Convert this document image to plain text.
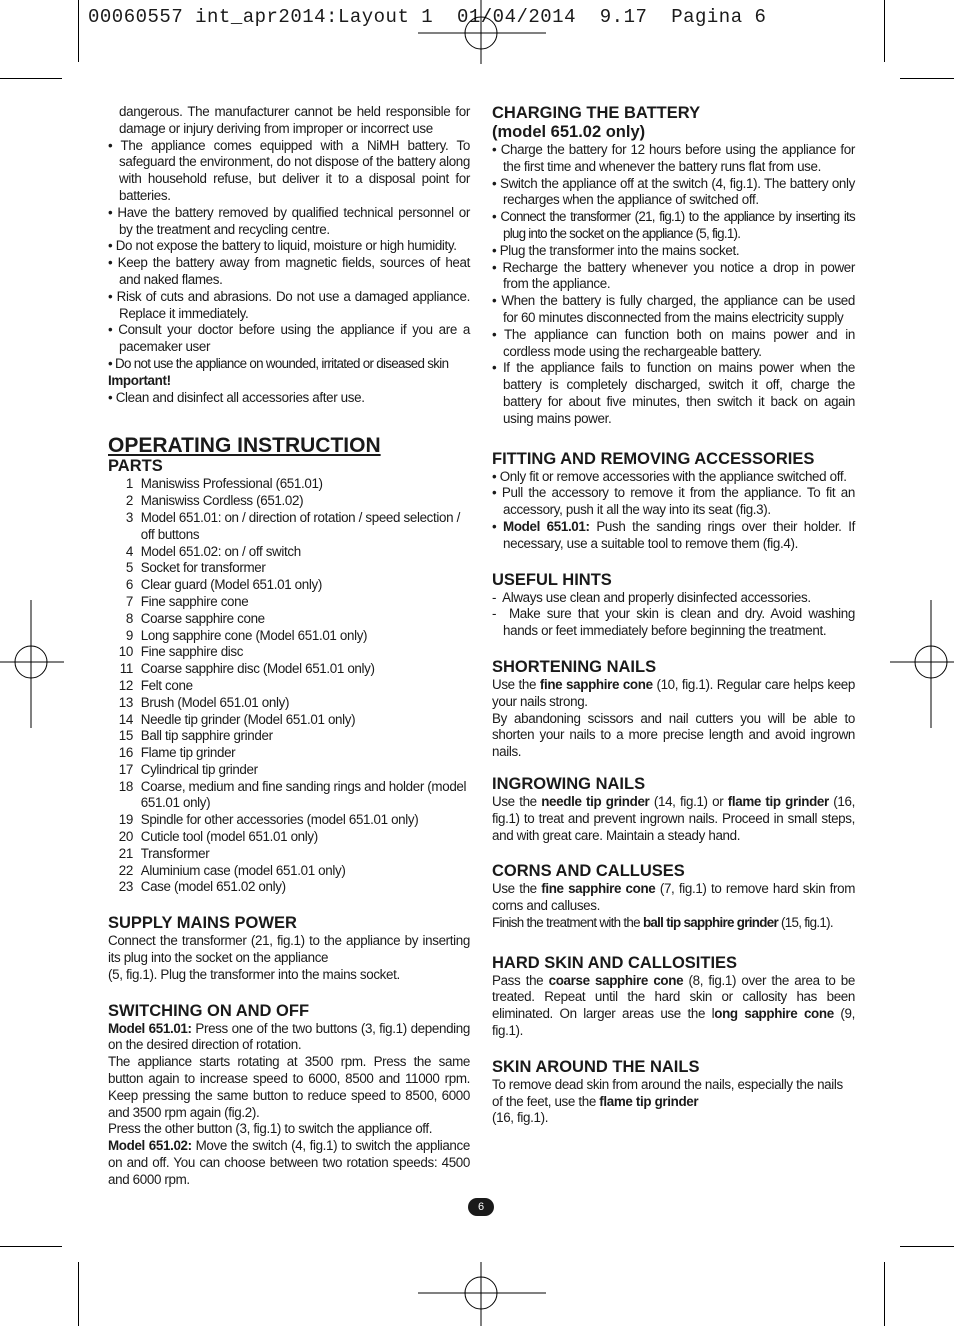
00060557 int_apr2014:Layout 1  01/04/2014  9.17  Pagina 6

dangerous. The manufacturer cannot be held responsible for damage or injury deriving from improper or incorrect use

• The appliance comes equipped with a NiMH battery. To safeguard the environment, do not dispose of the battery along with household refuse, but deliver it to a disposal point for batteries.

• Have the battery removed by qualified technical personnel or by the treatment and recycling centre.

• Do not expose the battery to liquid, moisture or high humidity.

• Keep the battery away from magnetic fields, sources of heat and naked flames.

• Risk of cuts and abrasions. Do not use a damaged appliance. Replace it immediately.

• Consult your doctor before using the appliance if you are a pacemaker user

• Do not use the appliance on wounded, irritated or diseased skin

Important!

• Clean and disinfect all accessories after use.

OPERATING INSTRUCTION
PARTS
1
Maniswiss Professional (651.01)
2
Maniswiss Cordless (651.02)
3
Model 651.01: on / direction of rotation / speed selection / off buttons
4
Model 651.02: on / off switch
5
Socket for transformer
6
Clear guard (Model 651.01 only)
7
Fine sapphire cone
8
Coarse sapphire cone
9
Long sapphire cone (Model 651.01 only)
10
Fine sapphire disc
11
Coarse sapphire disc (Model 651.01 only)
12
Felt cone
13
Brush (Model 651.01 only)
14
Needle tip grinder (Model 651.01 only)
15
Ball tip sapphire grinder
16
Flame tip grinder
17
Cylindrical tip grinder
18
Coarse, medium and fine sanding rings and holder (model 651.01 only)
19
Spindle for other accessories (model 651.01 only)
20
Cuticle tool (model 651.01 only)
21
Transformer
22
Aluminium case (model 651.01 only)
23
Case (model 651.02 only)
SUPPLY MAINS POWER

Connect the transformer (21, fig.1) to the appliance by inserting its plug into the socket on the appliance

(5, fig.1). Plug the transformer into the mains socket.

SWITCHING ON AND OFF

Model 651.01: Press one of the two buttons (3, fig.1) depending on the desired direction of rotation.

The appliance starts rotating at 3500 rpm. Press the same button again to increase speed to 6000, 8500 and 11000 rpm. Keep pressing the same button to reduce speed to 8500, 6000 and 3500 rpm again (fig.2).

Press the other button (3, fig.1) to switch the appliance off.

Model 651.02: Move the switch (4, fig.1) to switch the appliance on and off. You can choose between two rotation speeds: 4500 and 6000 rpm.

CHARGING THE BATTERY
(model 651.02 only)

• Charge the battery for 12 hours before using the appliance for the first time and whenever the battery runs flat from use.

• Switch the appliance off at the switch (4, fig.1). The battery only recharges when the appliance of switched off.

• Connect the transformer (21, fig.1) to the appliance by inserting its plug into the socket on the appliance (5, fig.1).

• Plug the transformer into the mains socket.

• Recharge the battery whenever you notice a drop in power from the appliance.

• When the battery is fully charged, the appliance can be used for 60 minutes disconnected from the mains electricity supply

• The appliance can function both on mains power and in cordless mode using the rechargeable battery.

• If the appliance fails to function on mains power when the battery is completely discharged, switch it off, charge the battery for about five minutes, then switch it back on again using mains power.

FITTING AND REMOVING ACCESSORIES

• Only fit or remove accessories with the appliance switched off.

• Pull the accessory to remove it from the appliance. To fit an accessory, push it all the way into its seat (fig.3).

• Model 651.01: Push the sanding rings over their holder. If necessary, use a suitable tool to remove them (fig.4).

USEFUL HINTS

-  Always use clean and properly disinfected accessories.

-  Make sure that your skin is clean and dry. Avoid washing hands or feet immediately before beginning the treatment.

SHORTENING NAILS

Use the fine sapphire cone (10, fig.1). Regular care helps keep your nails strong.

By abandoning scissors and nail cutters you will be able to shorten your nails to a more precise length and avoid ingrown nails.

INGROWING NAILS

Use the needle tip grinder (14, fig.1) or flame tip grinder (16, fig.1) to treat and prevent ingrown nails. Proceed in small steps, and with great care. Maintain a steady hand.

CORNS AND CALLUSES

Use the fine sapphire cone (7, fig.1) to remove hard skin from corns and calluses.

Finish the treatment with the ball tip sapphire grinder (15, fig.1).

HARD SKIN AND CALLOSITIES

Pass the coarse sapphire cone (8, fig.1) over the area to be treated. Repeat until the hard skin or callosity has been eliminated. On larger areas use the long sapphire cone (9, fig.1).

SKIN AROUND THE NAILS

To remove dead skin from around the nails, especially the nails of the feet, use the flame tip grinder
(16, fig.1).

6
